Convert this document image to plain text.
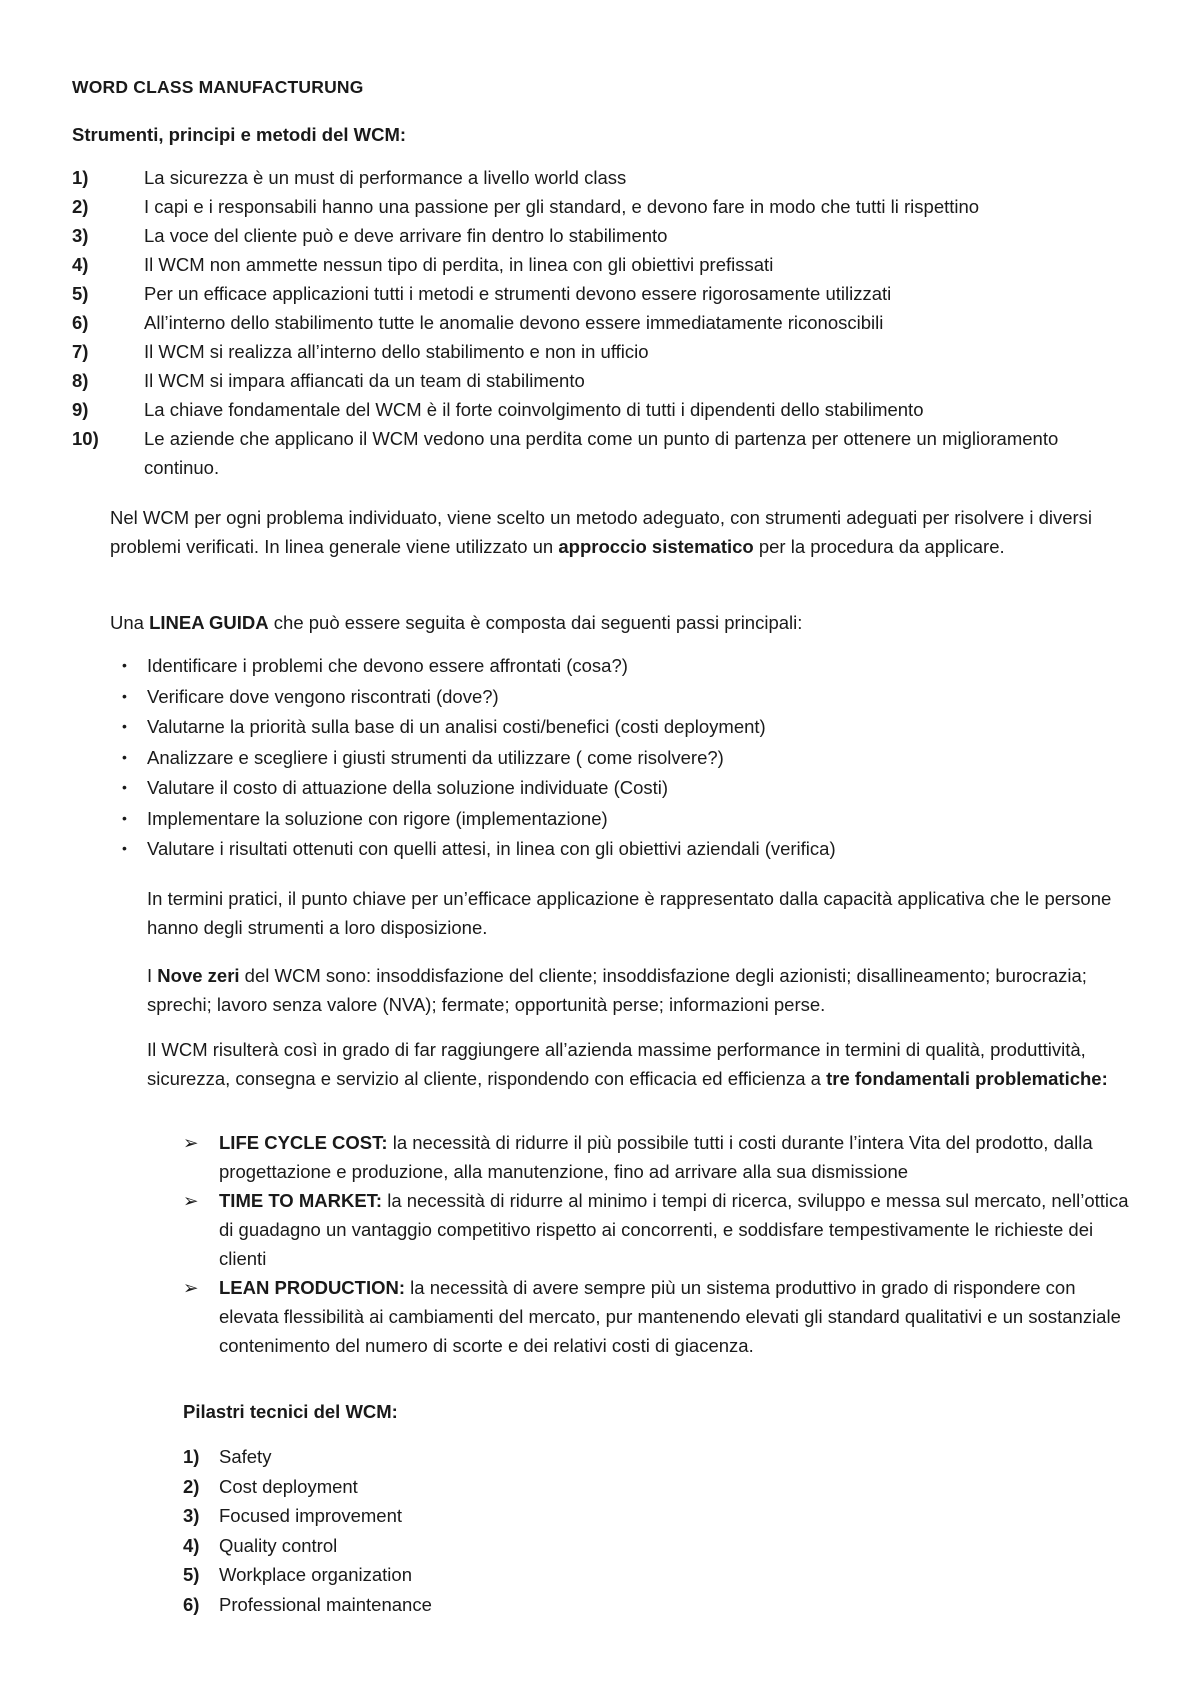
WORD CLASS MANUFACTURUNG
Strumenti, principi e metodi del WCM:
1)	La sicurezza è un must di performance a livello world class
2)	I capi e i responsabili hanno una passione per gli standard, e devono fare in modo che tutti li rispettino
3)	La voce del cliente può e deve arrivare fin dentro lo stabilimento
4)	Il WCM non ammette nessun tipo di perdita, in linea con gli obiettivi prefissati
5)	Per un efficace applicazioni tutti i metodi e strumenti devono essere rigorosamente utilizzati
6)	All’interno dello stabilimento tutte le anomalie devono essere immediatamente riconoscibili
7)	Il WCM si realizza all’interno dello stabilimento e non in ufficio
8)	Il WCM si impara affiancati da un team di stabilimento
9)	La chiave fondamentale del WCM è il forte coinvolgimento di tutti i dipendenti dello stabilimento
10)	Le aziende che applicano il WCM vedono una perdita come un punto di partenza per ottenere un miglioramento continuo.
Nel WCM per ogni problema individuato, viene scelto un metodo adeguato, con strumenti adeguati per risolvere i diversi problemi verificati. In linea generale viene utilizzato un approccio sistematico per la procedura da applicare.
Una LINEA GUIDA che può essere seguita è composta dai seguenti passi principali:
•	Identificare i problemi che devono essere affrontati (cosa?)
•	Verificare dove vengono riscontrati (dove?)
•	Valutarne la priorità sulla base di un analisi costi/benefici (costi deployment)
•	Analizzare e scegliere i giusti strumenti da utilizzare ( come risolvere?)
•	Valutare il costo di attuazione della soluzione individuate (Costi)
•	Implementare la soluzione con rigore (implementazione)
•	Valutare i risultati ottenuti con quelli attesi, in linea con gli obiettivi aziendali (verifica)
In termini pratici, il punto chiave per un’efficace applicazione è rappresentato dalla capacità applicativa che le persone hanno degli strumenti a loro disposizione.
I Nove zeri del WCM sono: insoddisfazione del cliente; insoddisfazione degli azionisti; disallineamento; burocrazia; sprechi; lavoro senza valore (NVA); fermate; opportunità perse; informazioni perse.
Il WCM risulterà così in grado di far raggiungere all’azienda massime performance in termini di qualità, produttività, sicurezza, consegna e servizio al cliente, rispondendo con efficacia ed efficienza a tre fondamentali problematiche:
➢	LIFE CYCLE COST: la necessità di ridurre il più possibile tutti i costi durante l’intera Vita del prodotto, dalla progettazione e produzione, alla manutenzione, fino ad arrivare alla sua dismissione
➢	TIME TO MARKET: la necessità di ridurre al minimo i tempi di ricerca, sviluppo e messa sul mercato, nell’ottica di guadagno un vantaggio competitivo rispetto ai concorrenti, e soddisfare tempestivamente le richieste dei clienti
➢	LEAN PRODUCTION: la necessità di avere sempre più un sistema produttivo in grado di rispondere con elevata flessibilità ai cambiamenti del mercato, pur mantenendo elevati gli standard qualitativi e un sostanziale contenimento del numero di scorte e dei relativi costi di giacenza.
Pilastri tecnici del WCM:
1)	Safety
2)	Cost deployment
3)	Focused improvement
4)	Quality control
5)	Workplace organization
6)	Professional maintenance
